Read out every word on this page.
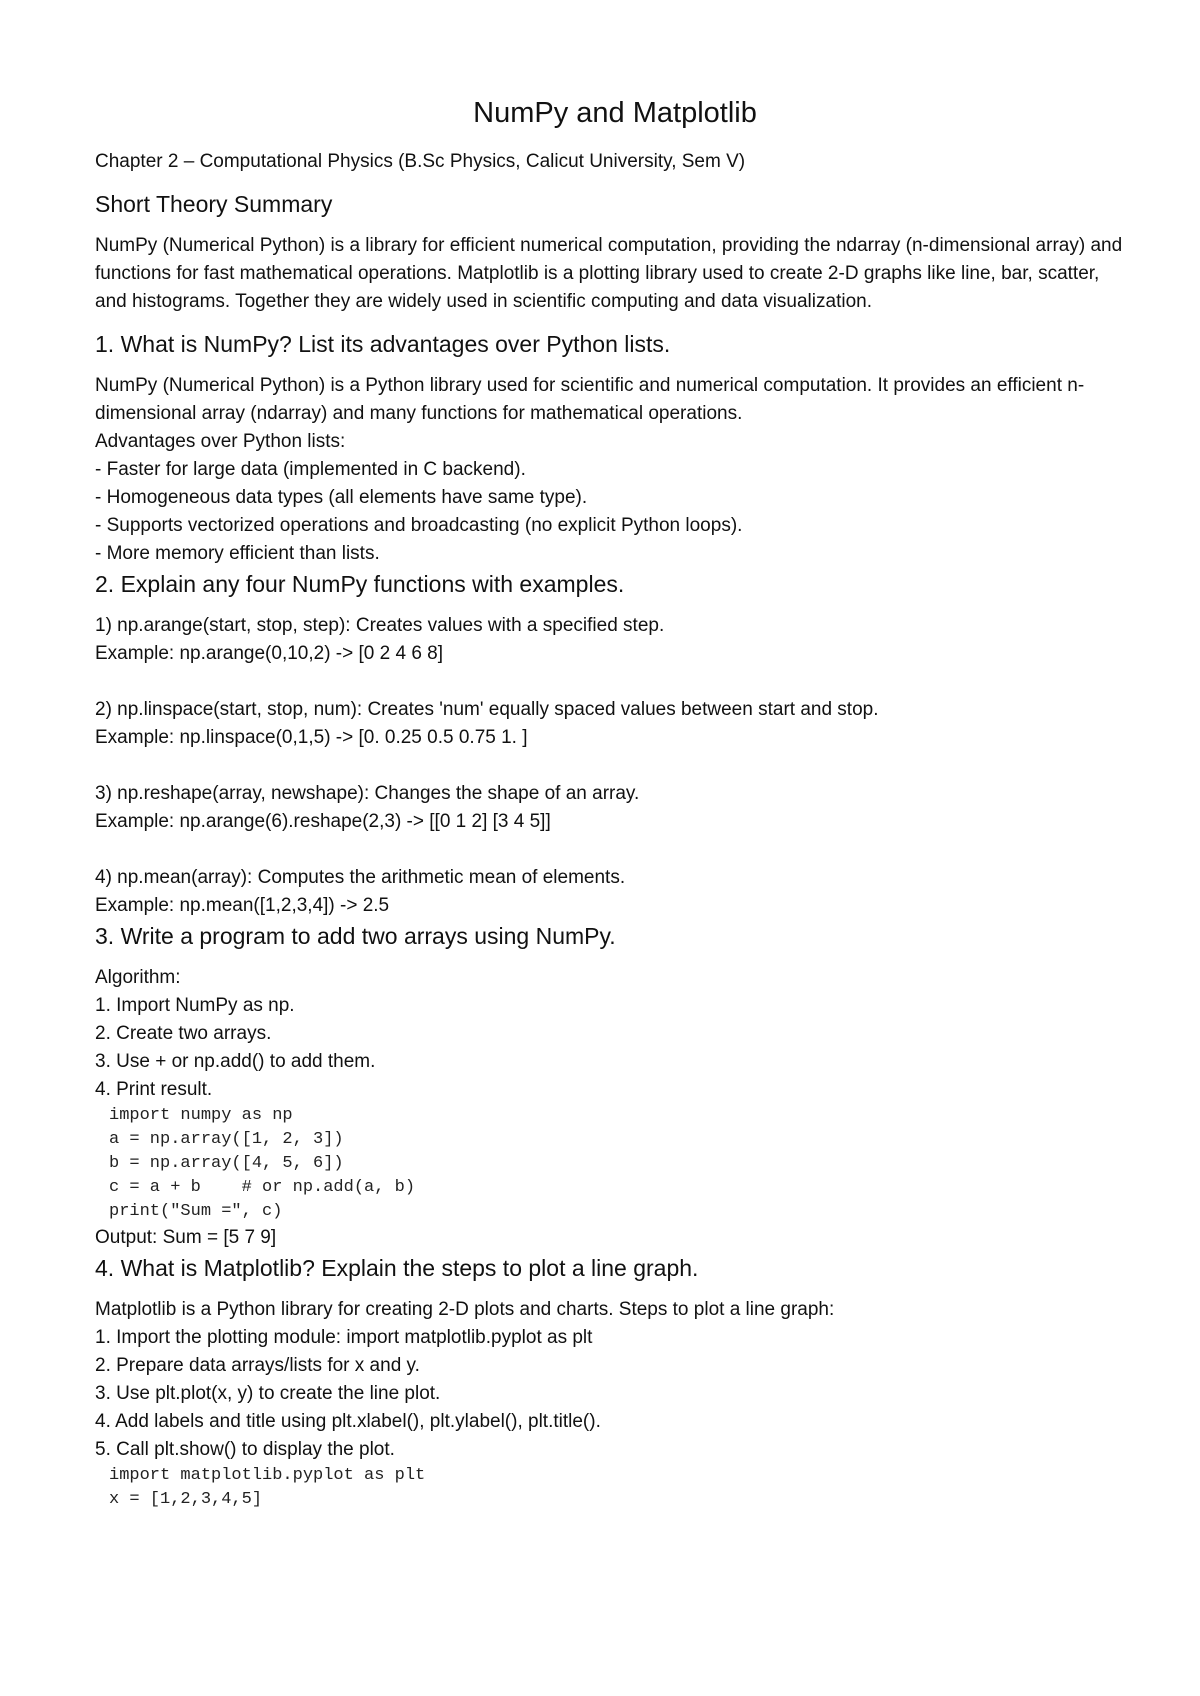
NumPy and Matplotlib
Chapter 2 – Computational Physics (B.Sc Physics, Calicut University, Sem V)
Short Theory Summary

NumPy (Numerical Python) is a library for efficient numerical computation, providing the ndarray (n-dimensional array) and functions for fast mathematical operations. Matplotlib is a plotting library used to create 2-D graphs like line, bar, scatter, and histograms. Together they are widely used in scientific computing and data visualization.

1. What is NumPy? List its advantages over Python lists.

NumPy (Numerical Python) is a Python library used for scientific and numerical computation. It provides an efficient n-dimensional array (ndarray) and many functions for mathematical operations.

Advantages over Python lists:
- Faster for large data (implemented in C backend).
- Homogeneous data types (all elements have same type).
- Supports vectorized operations and broadcasting (no explicit Python loops).
- More memory efficient than lists.
2. Explain any four NumPy functions with examples.
1) np.arange(start, stop, step): Creates values with a specified step.
Example: np.arange(0,10,2) -> [0 2 4 6 8]
2) np.linspace(start, stop, num): Creates 'num' equally spaced values between start and stop.
Example: np.linspace(0,1,5) -> [0. 0.25 0.5 0.75 1. ]
3) np.reshape(array, newshape): Changes the shape of an array.
Example: np.arange(6).reshape(2,3) -> [[0 1 2] [3 4 5]]
4) np.mean(array): Computes the arithmetic mean of elements.
Example: np.mean([1,2,3,4]) -> 2.5
3. Write a program to add two arrays using NumPy.
Algorithm:
1. Import NumPy as np.
2. Create two arrays.
3. Use + or np.add() to add them.
4. Print result.
import numpy as np
a = np.array([1, 2, 3])
b = np.array([4, 5, 6])
c = a + b    # or np.add(a, b)
print("Sum =", c)
Output: Sum = [5 7 9]
4. What is Matplotlib? Explain the steps to plot a line graph.
Matplotlib is a Python library for creating 2-D plots and charts. Steps to plot a line graph:
1. Import the plotting module: import matplotlib.pyplot as plt
2. Prepare data arrays/lists for x and y.
3. Use plt.plot(x, y) to create the line plot.
4. Add labels and title using plt.xlabel(), plt.ylabel(), plt.title().
5. Call plt.show() to display the plot.
import matplotlib.pyplot as plt
x = [1,2,3,4,5]
